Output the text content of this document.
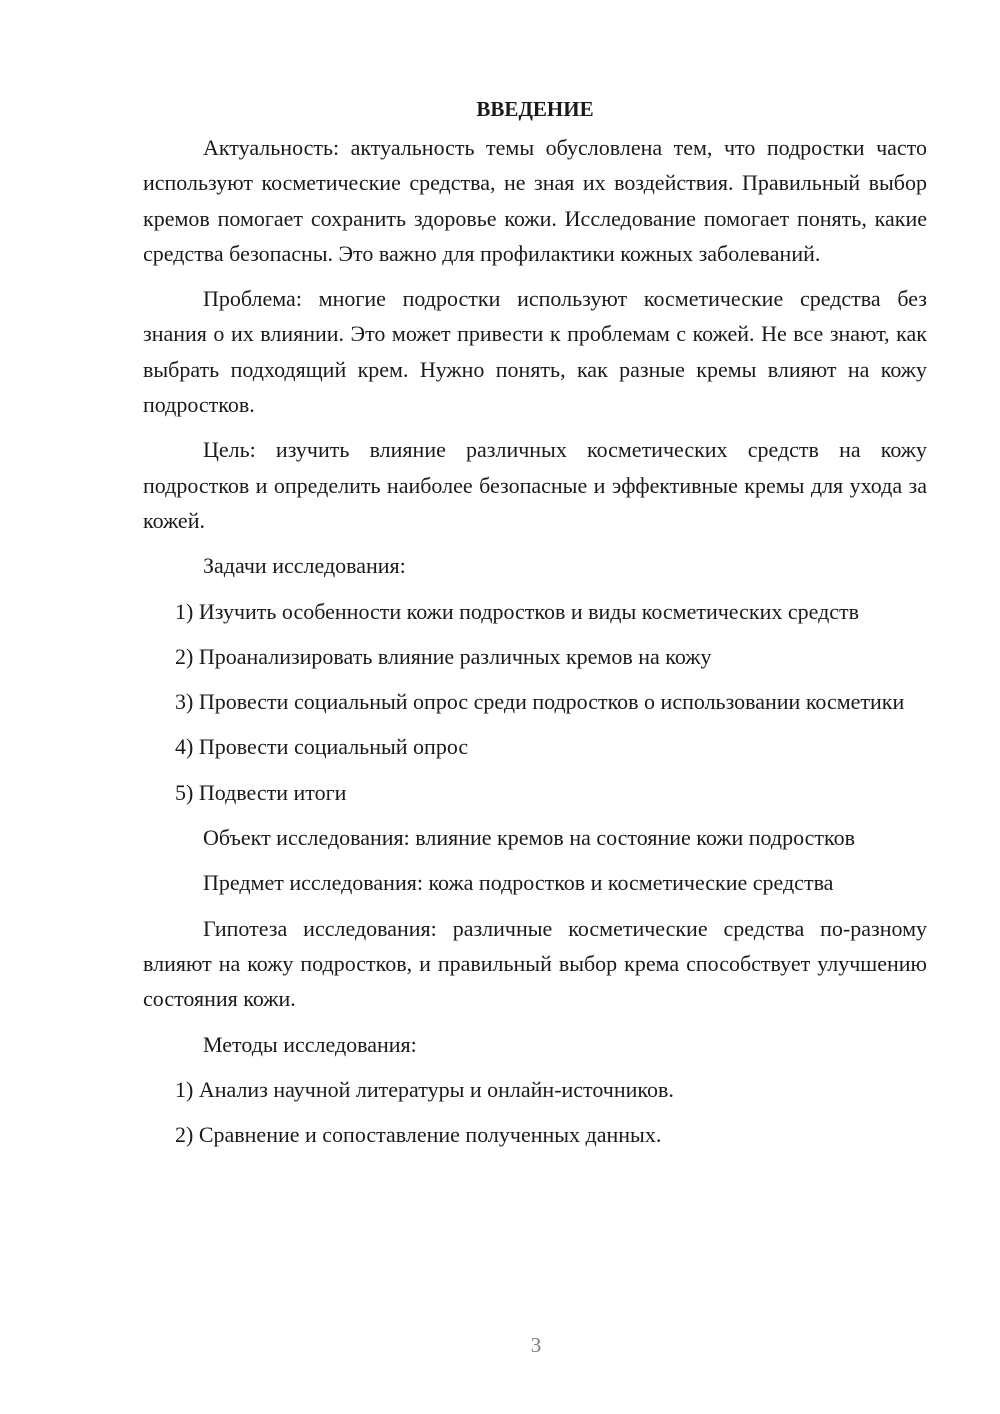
ВВЕДЕНИЕ

Актуальность: актуальность темы обусловлена тем, что подростки часто используют косметические средства, не зная их воздействия. Правильный выбор кремов помогает сохранить здоровье кожи. Исследование помогает понять, какие средства безопасны. Это важно для профилактики кожных заболеваний.

Проблема: многие подростки используют косметические средства без знания о их влиянии. Это может привести к проблемам с кожей. Не все знают, как выбрать подходящий крем. Нужно понять, как разные кремы влияют на кожу подростков.

Цель: изучить влияние различных косметических средств на кожу подростков и определить наиболее безопасные и эффективные кремы для ухода за кожей.

Задачи исследования:

1) Изучить особенности кожи подростков и виды косметических средств

2) Проанализировать влияние различных кремов на кожу

3) Провести социальный опрос среди подростков о использовании косметики

4) Провести социальный опрос

5) Подвести итоги

Объект исследования: влияние кремов на состояние кожи подростков

Предмет исследования: кожа подростков и косметические средства

Гипотеза исследования: различные косметические средства по-разному влияют на кожу подростков, и правильный выбор крема способствует улучшению состояния кожи.

Методы исследования:

1) Анализ научной литературы и онлайн-источников.

2) Сравнение и сопоставление полученных данных.

3
